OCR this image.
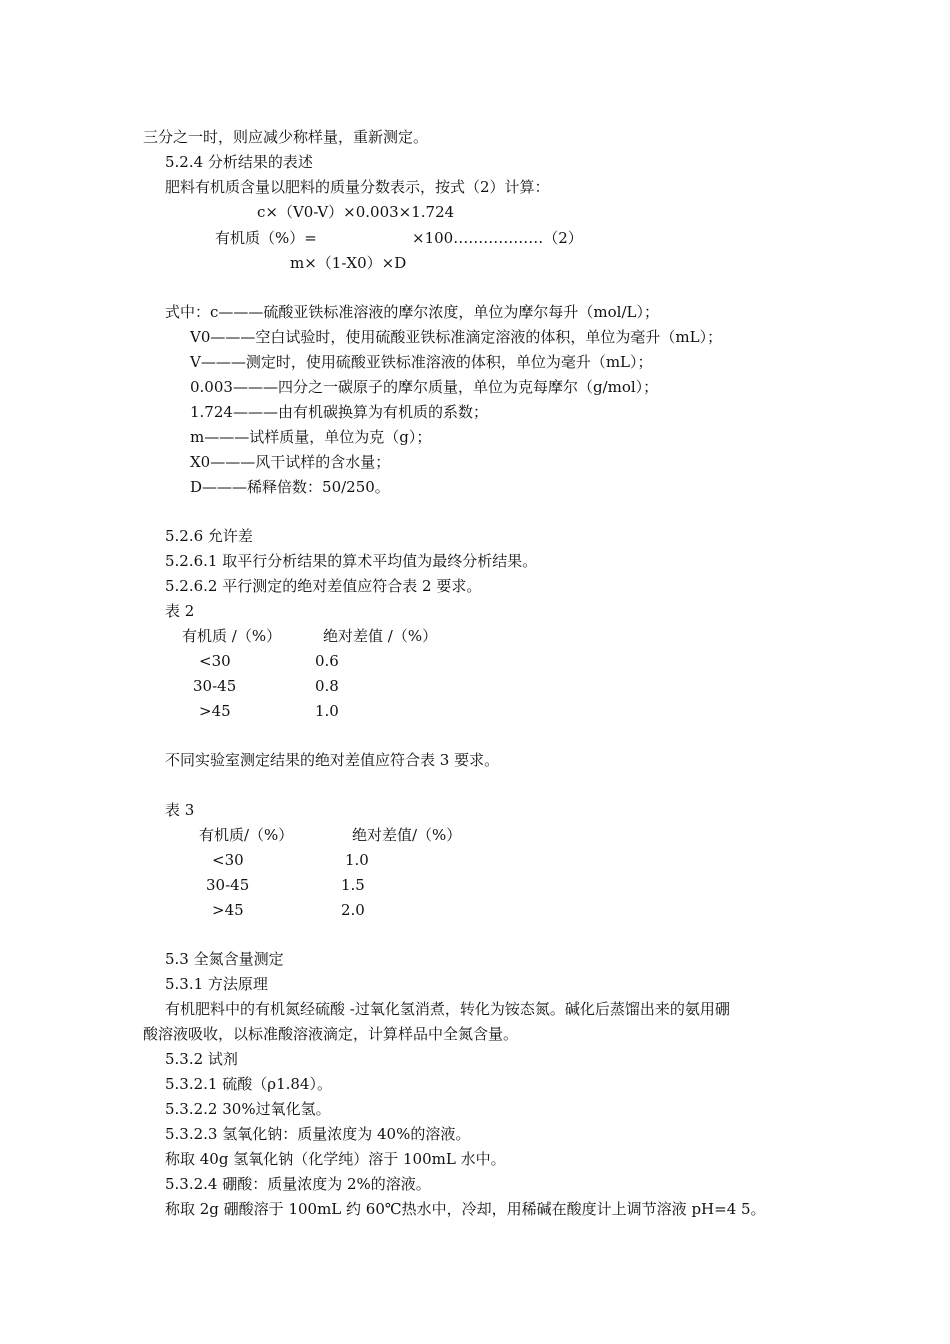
三分之一时，则应减少称样量，重新测定。
5.2.4 分析结果的表述
肥料有机质含量以肥料的质量分数表示，按式（2）计算：
c×（V0-V）×0.003×1.724
有机质（%）=	×100………………（2）
m×（1-X0）×D
式中：c———硫酸亚铁标准溶液的摩尔浓度，单位为摩尔每升（mol/L）；
V0———空白试验时，使用硫酸亚铁标准滴定溶液的体积，单位为毫升（mL）；
V———测定时，使用硫酸亚铁标准溶液的体积，单位为毫升（mL）；
0.003———四分之一碳原子的摩尔质量，单位为克每摩尔（g/mol）；
1.724———由有机碳换算为有机质的系数；
m———试样质量，单位为克（g）；
X0———风干试样的含水量；
D———稀释倍数：50/250。
5.2.6 允许差
5.2.6.1 取平行分析结果的算术平均值为最终分析结果。
5.2.6.2 平行测定的绝对差值应符合表 2 要求。
表 2
有机质 /（%）	绝对差值 /（%）
<30	0.6
30-45	0.8
>45	1.0
不同实验室测定结果的绝对差值应符合表 3 要求。
表 3
有机质/（%）	绝对差值/（%）
<30	1.0
30-45	1.5
>45	2.0
5.3 全氮含量测定
5.3.1 方法原理
有机肥料中的有机氮经硫酸 -过氧化氢消煮，转化为铵态氮。碱化后蒸馏出来的氨用硼
酸溶液吸收，以标准酸溶液滴定，计算样品中全氮含量。
5.3.2 试剂
5.3.2.1 硫酸（ρ1.84）。
5.3.2.2 30%过氧化氢。
5.3.2.3 氢氧化钠：质量浓度为 40%的溶液。
称取 40g 氢氧化钠（化学纯）溶于 100mL 水中。
5.3.2.4 硼酸：质量浓度为 2%的溶液。
称取 2g 硼酸溶于 100mL 约 60℃热水中，冷却，用稀碱在酸度计上调节溶液 pH=4 5。
